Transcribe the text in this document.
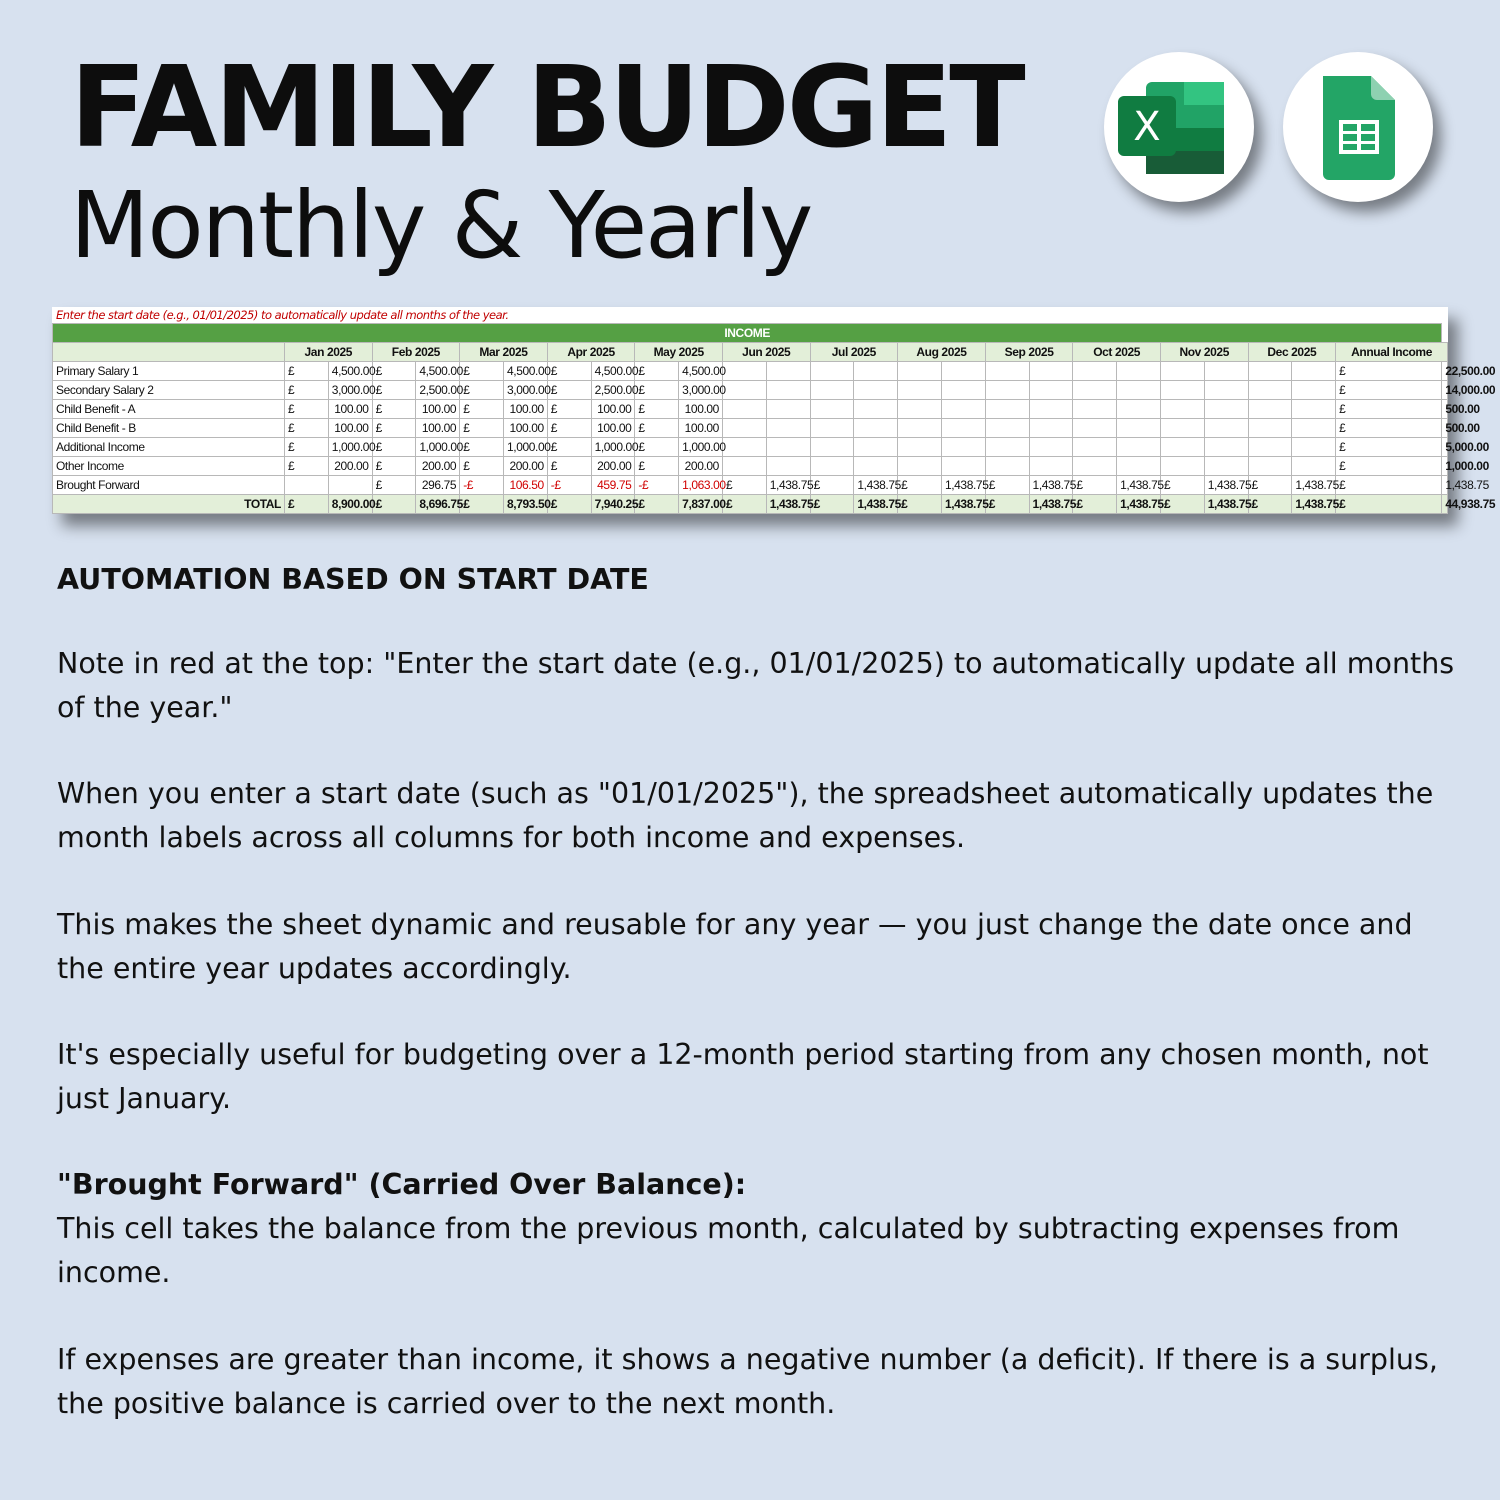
FAMILY BUDGET
Monthly & Yearly
X
Enter the start date (e.g., 01/01/2025) to automatically update all months of the year.
INCOME																										
	Jan 2025		Feb 2025		Mar 2025		Apr 2025		May 2025		Jun 2025		Jul 2025		Aug 2025		Sep 2025		Oct 2025		Nov 2025		Dec 2025		Annual Income	
Primary Salary 1	£	4,500.00	£	4,500.00	£	4,500.00	£	4,500.00	£	4,500.00															£	22,500.00
Secondary Salary 2	£	3,000.00	£	2,500.00	£	3,000.00	£	2,500.00	£	3,000.00															£	14,000.00
Child Benefit - A	£	100.00	£	100.00	£	100.00	£	100.00	£	100.00															£	500.00
Child Benefit - B	£	100.00	£	100.00	£	100.00	£	100.00	£	100.00															£	500.00
Additional Income	£	1,000.00	£	1,000.00	£	1,000.00	£	1,000.00	£	1,000.00															£	5,000.00
Other Income	£	200.00	£	200.00	£	200.00	£	200.00	£	200.00															£	1,000.00
Brought Forward			£	296.75	-£	106.50	-£	459.75	-£	1,063.00	£	1,438.75	£	1,438.75	£	1,438.75	£	1,438.75	£	1,438.75	£	1,438.75	£	1,438.75	£	1,438.75
TOTAL	£	8,900.00	£	8,696.75	£	8,793.50	£	7,940.25	£	7,837.00	£	1,438.75	£	1,438.75	£	1,438.75	£	1,438.75	£	1,438.75	£	1,438.75	£	1,438.75	£	44,938.75
AUTOMATION BASED ON START DATE
Note in red at the top: "Enter the start date (e.g., 01/01/2025) to automatically update all months of the year."
When you enter a start date (such as "01/01/2025"), the spreadsheet automatically updates the month labels across all columns for both income and expenses.
This makes the sheet dynamic and reusable for any year — you just change the date once and the entire year updates accordingly.
It's especially useful for budgeting over a 12-month period starting from any chosen month, not just January.
"Brought Forward" (Carried Over Balance):
This cell takes the balance from the previous month, calculated by subtracting expenses from income.
If expenses are greater than income, it shows a negative number (a deficit). If there is a surplus, the positive balance is carried over to the next month.
